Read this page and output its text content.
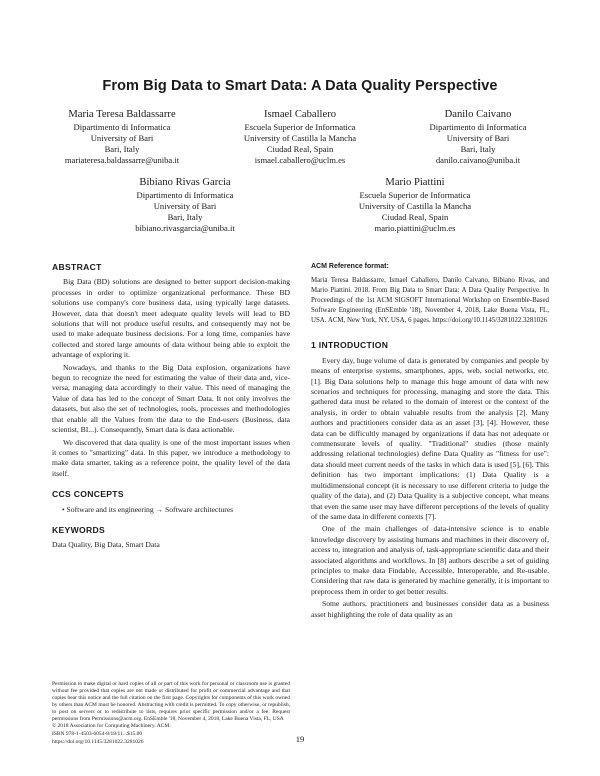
From Big Data to Smart Data: A Data Quality Perspective
Maria Teresa Baldassarre
Dipartimento di Informatica
University of Bari
Bari, Italy
mariateresa.baldassarre@uniba.it
Ismael Caballero
Escuela Superior de Informatica
University of Castilla la Mancha
Ciudad Real, Spain
ismael.caballero@uclm.es
Danilo Caivano
Dipartimento di Informatica
University of Bari
Bari, Italy
danilo.caivano@uniba.it
Bibiano Rivas Garcia
Dipartimento di Informatica
University of Bari
Bari, Italy
bibiano.rivasgarcia@uniba.it
Mario Piattini
Escuela Superior de Informatica
University of Castilla la Mancha
Ciudad Real, Spain
mario.piattini@uclm.es
ABSTRACT

Big Data (BD) solutions are designed to better support decision-making processes in order to optimize organizational performance. These BD solutions use company's core business data, using typically large datasets. However, data that doesn't meet adequate quality levels will lead to BD solutions that will not produce useful results, and consequently may not be used to make adequate business decisions. For a long time, companies have collected and stored large amounts of data without being able to exploit the advantage of exploring it.

Nowadays, and thanks to the Big Data explosion, organizations have begun to recognize the need for estimating the value of their data and, vice-versa, managing data accordingly to their value. This need of managing the Value of data has led to the concept of Smart Data. It not only involves the datasets, but also the set of technologies, tools, processes and methodologies that enable all the Values from the data to the End-users (Business, data scientist, BI...). Consequently, Smart data is data actionable.

We discovered that data quality is one of the most important issues when it comes to "smartizing" data. In this paper, we introduce a methodology to make data smarter, taking as a reference point, the quality level of the data itself.

CCS CONCEPTS

• Software and its engineering → Software architectures

KEYWORDS

Data Quality, Big Data, Smart Data

Permission to make digital or hard copies of all or part of this work for personal or classroom use is granted without fee provided that copies are not made or distributed for profit or commercial advantage and that copies bear this notice and the full citation on the first page. Copyrights for components of this work owned by others than ACM must be honored. Abstracting with credit is permitted. To copy otherwise, or republish, to post on servers or to redistribute to lists, requires prior specific permission and/or a fee. Request permissions from Permissions@acm.org. EnSEmble '18, November 4, 2018, Lake Buena Vista, FL, USA

© 2018 Association for Computing Machinery. ACM.

ISBN 978-1-4503-6054-8/18/11...$15.00

https://doi.org/10.1145/3281022.3281026

ACM Reference format:

Maria Teresa Baldassarre, Ismael Caballero, Danilo Caivano, Bibiano Rivas, and Mario Piattini. 2018. From Big Data to Smart Data: A Data Quality Perspective. In Proceedings of the 1st ACM SIGSOFT International Workshop on Ensemble-Based Software Engineering (EnSEmble '18), November 4, 2018, Lake Buena Vista, FL, USA. ACM, New York, NY, USA, 6 pages. https://doi.org/10.1145/3281022.3281026

1 INTRODUCTION

Every day, huge volume of data is generated by companies and people by means of enterprise systems, smartphones, apps, web, social networks, etc. [1]. Big Data solutions help to manage this huge amount of data with new scenarios and techniques for processing, managing and store the data. This gathered data must be related to the domain of interest or the context of the analysis, in order to obtain valuable results from the analysis [2]. Many authors and practitioners consider data as an asset [3], [4]. However, these data can be difficultly managed by organizations if data has not adequate or commensurate levels of quality. "Traditional" studies (those mainly addressing relational technologies) define Data Quality as "fitness for use": data should meet current needs of the tasks in which data is used [5], [6]. This definition has two important implications: (1) Data Quality is a multidimensional concept (it is necessary to use different criteria to judge the quality of the data), and (2) Data Quality is a subjective concept, what means that even the same user may have different perceptions of the levels of quality of the same data in different contexts [7].

One of the main challenges of data-intensive science is to enable knowledge discovery by assisting humans and machines in their discovery of, access to, integration and analysis of, task-appropriate scientific data and their associated algorithms and workflows. In [8] authors describe a set of guiding principles to make data Findable, Accessible, Interoperable, and Re-usable. Considering that raw data is generated by machine generally, it is important to preprocess them in order to get better results.

Some authors, practitioners and businesses consider data as a business asset highlighting the role of data quality as an

19
